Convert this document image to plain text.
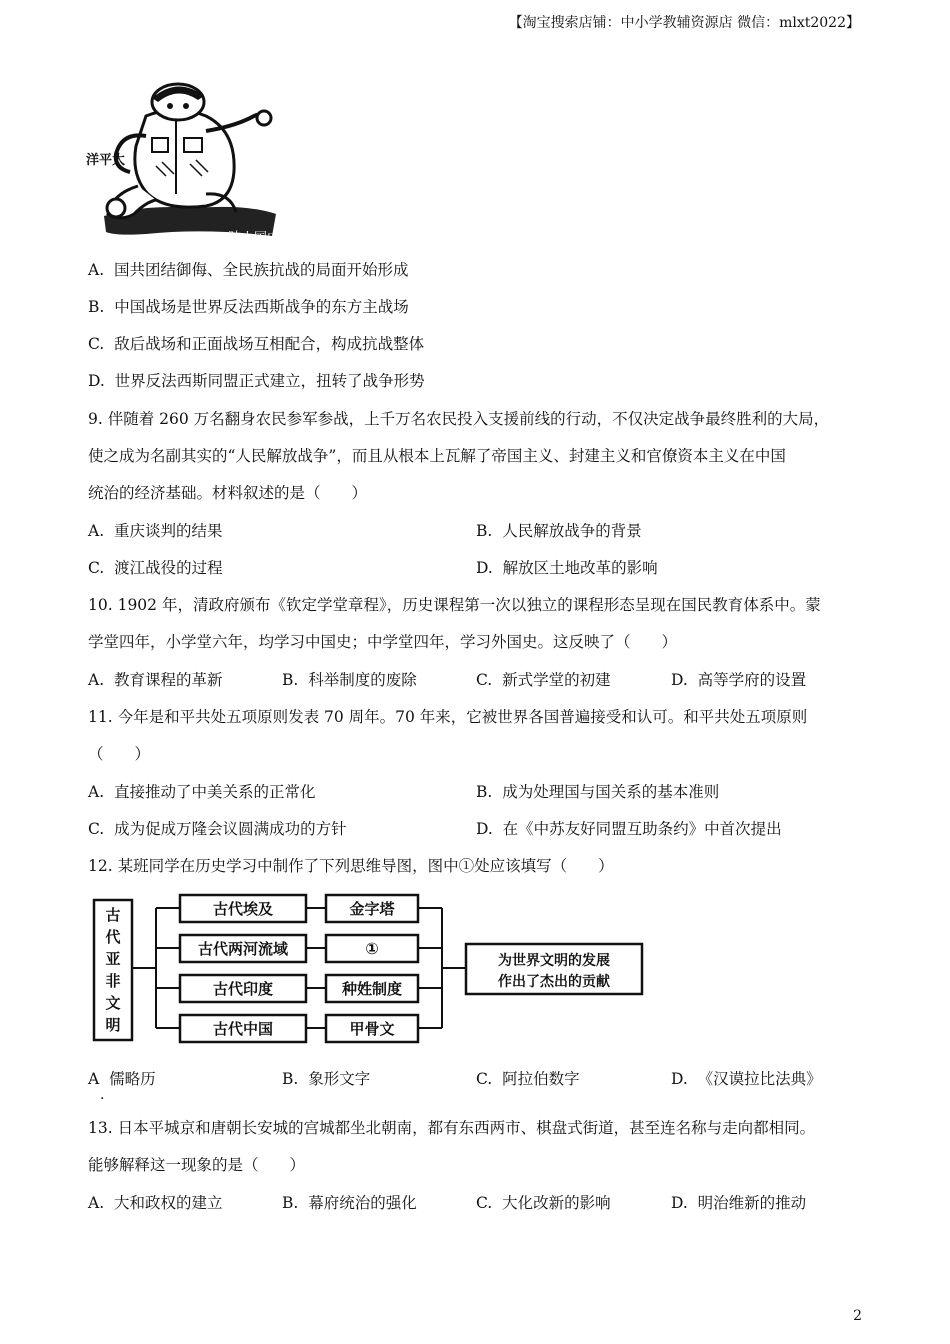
【淘宝搜索店铺：中小学教辅资源店 微信：mlxt2022】
洋平太
陆大国中
A. 国共团结御侮、全民族抗战的局面开始形成
B. 中国战场是世界反法西斯战争的东方主战场
C. 敌后战场和正面战场互相配合，构成抗战整体
D. 世界反法西斯同盟正式建立，扭转了战争形势
9. 伴随着 260 万名翻身农民参军参战，上千万名农民投入支援前线的行动，不仅决定战争最终胜利的大局，
使之成为名副其实的“人民解放战争”，而且从根本上瓦解了帝国主义、封建主义和官僚资本主义在中国
统治的经济基础。材料叙述的是（　　）
A. 重庆谈判的结果	B. 人民解放战争的背景
C. 渡江战役的过程	D. 解放区土地改革的影响
10. 1902 年，清政府颁布《钦定学堂章程》，历史课程第一次以独立的课程形态呈现在国民教育体系中。蒙
学堂四年，小学堂六年，均学习中国史；中学堂四年，学习外国史。这反映了（　　）
A. 教育课程的革新	B. 科举制度的废除	C. 新式学堂的初建	D. 高等学府的设置
11. 今年是和平共处五项原则发表 70 周年。70 年来，它被世界各国普遍接受和认可。和平共处五项原则
（　　）
A. 直接推动了中美关系的正常化	B. 成为处理国与国关系的基本准则
C. 成为促成万隆会议圆满成功的方针	D. 在《中苏友好同盟互助条约》中首次提出
12. 某班同学在历史学习中制作了下列思维导图，图中①处应该填写（　　）
古
代
亚
非
文
明
古代埃及
古代两河流域
古代印度
古代中国
金字塔
①
种姓制度
甲骨文
为世界文明的发展
作出了杰出的贡献
A 儒略历
.
B. 象形文字	C. 阿拉伯数字	D. 《汉谟拉比法典》
13. 日本平城京和唐朝长安城的宫城都坐北朝南，都有东西两市、棋盘式街道，甚至连名称与走向都相同。
能够解释这一现象的是（　　）
A. 大和政权的建立	B. 幕府统治的强化	C. 大化改新的影响	D. 明治维新的推动
2
